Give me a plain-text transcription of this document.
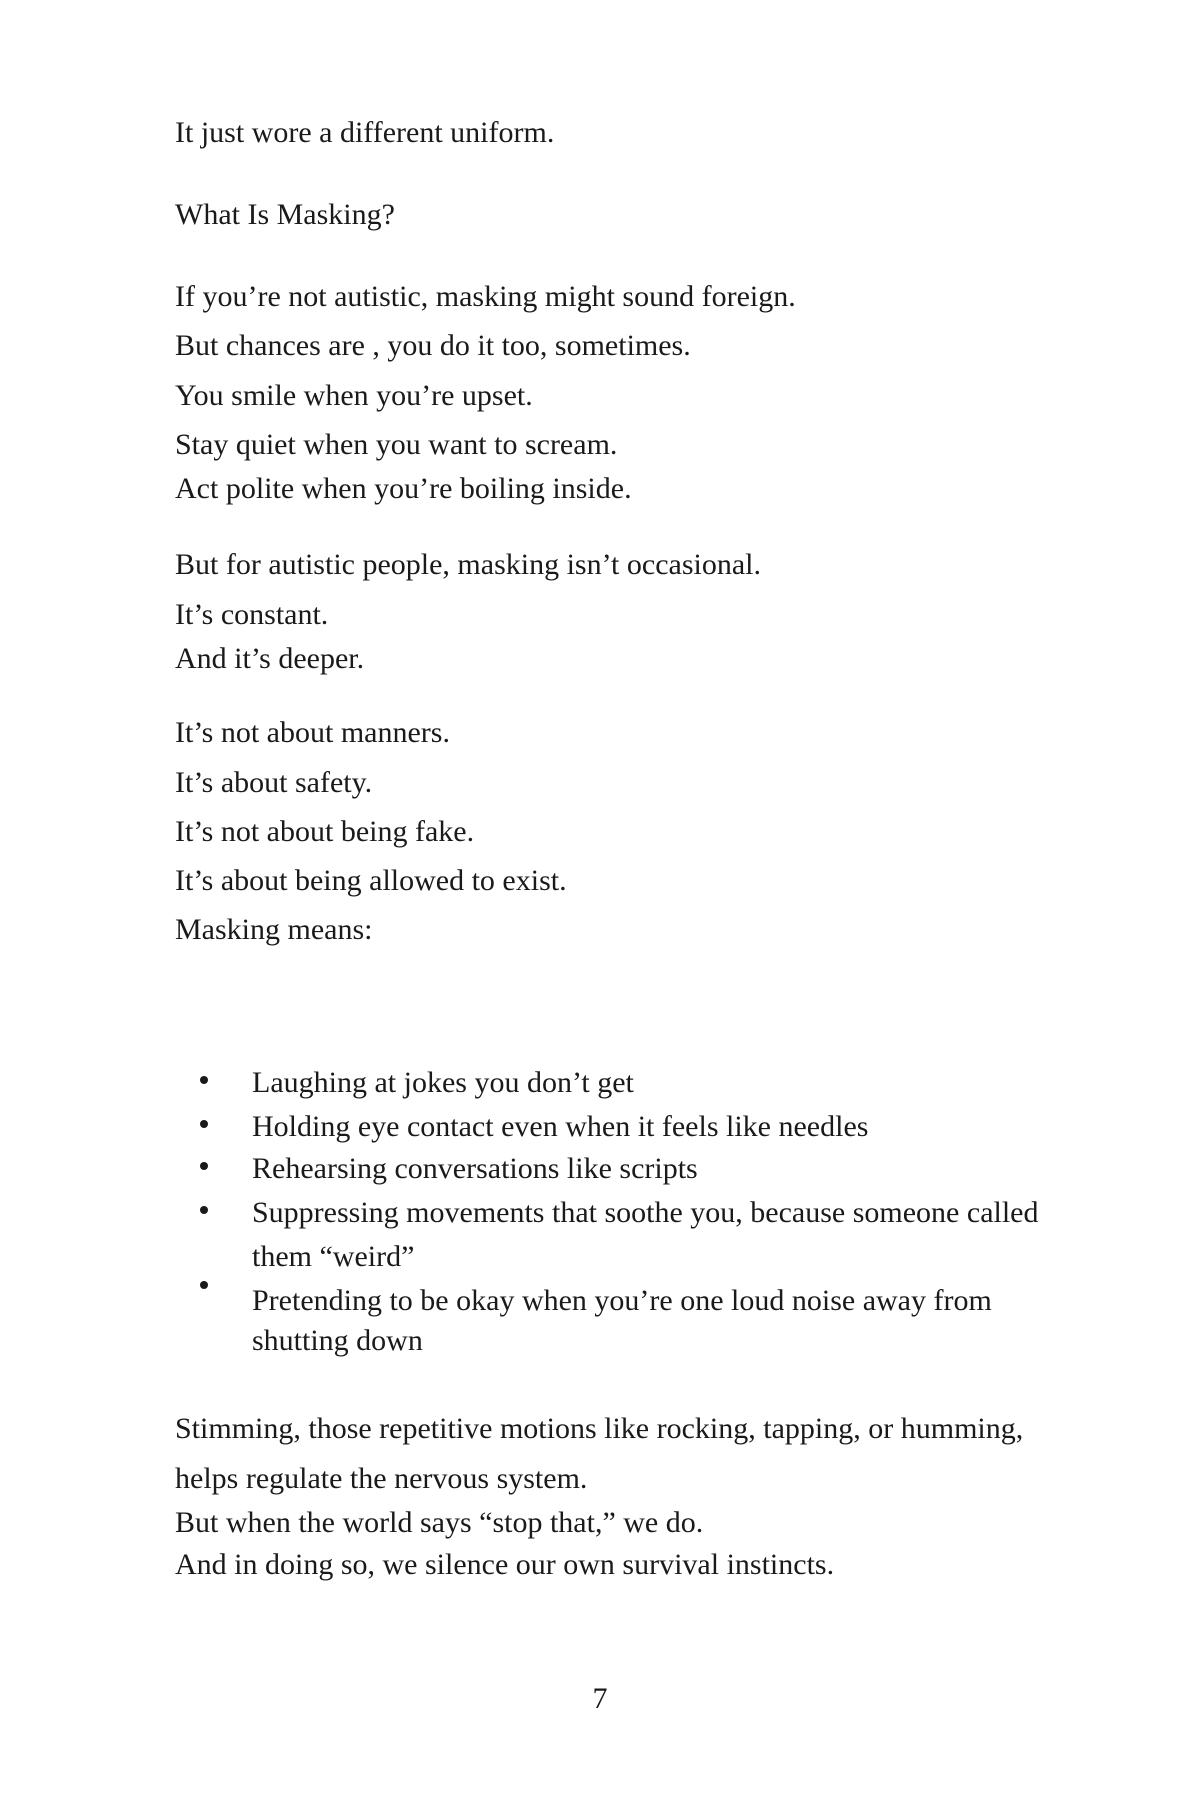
It just wore a different uniform.
What Is Masking?
If you’re not autistic, masking might sound foreign.
But chances are , you do it too, sometimes.
You smile when you’re upset.
Stay quiet when you want to scream.
Act polite when you’re boiling inside.
But for autistic people, masking isn’t occasional.
It’s constant.
And it’s deeper.
It’s not about manners.
It’s about safety.
It’s not about being fake.
It’s about being allowed to exist.
Masking means:
Laughing at jokes you don’t get
Holding eye contact even when it feels like needles
Rehearsing conversations like scripts
Suppressing movements that soothe you, because someone called
them “weird”
Pretending to be okay when you’re one loud noise away from
shutting down
Stimming, those repetitive motions like rocking, tapping, or humming,
helps regulate the nervous system.
But when the world says “stop that,” we do.
And in doing so, we silence our own survival instincts.
7
